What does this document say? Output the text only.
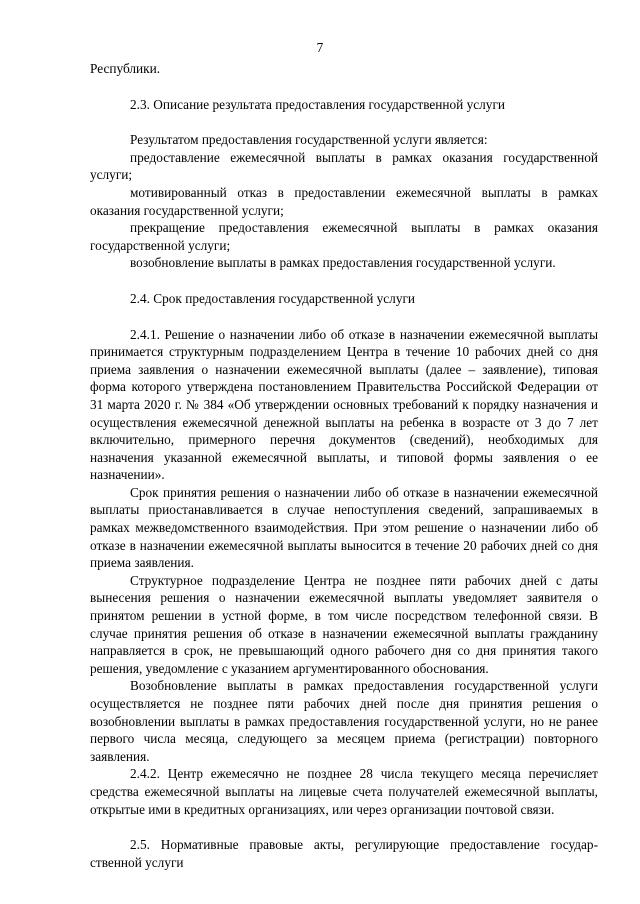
7

Республики.

2.3. Описание результата предоставления государственной услуги

Результатом предоставления государственной услуги является:

предоставление ежемесячной выплаты в рамках оказания государственной услуги;

мотивированный отказ в предоставлении ежемесячной выплаты в рамках оказания государственной услуги;

прекращение предоставления ежемесячной выплаты в рамках оказания государственной услуги;

возобновление выплаты в рамках предоставления государственной услуги.

2.4. Срок предоставления государственной услуги

2.4.1. Решение о назначении либо об отказе в назначении ежемесячной выплаты принимается структурным подразделением Центра в течение 10 рабочих дней со дня приема заявления о назначении ежемесячной выплаты (далее – заявление), типовая форма которого утверждена постановлением Правительства Российской Федерации от 31 марта 2020 г. № 384 «Об утверждении основных требований к порядку назначения и осуществления ежемесячной денежной выплаты на ребенка в возрасте от 3 до 7 лет включительно, примерного перечня документов (сведений), необходимых для назначения указанной ежемесячной выплаты, и типовой формы заявления о ее назначении».

Срок принятия решения о назначении либо об отказе в назначении ежемесячной выплаты приостанавливается в случае непоступления сведений, запрашиваемых в рамках межведомственного взаимодействия. При этом решение о назначении либо об отказе в назначении ежемесячной выплаты выносится в течение 20 рабочих дней со дня приема заявления.

Структурное подразделение Центра не позднее пяти рабочих дней с даты вынесения решения о назначении ежемесячной выплаты уведомляет заявителя о принятом решении в устной форме, в том числе посредством телефонной связи. В случае принятия решения об отказе в назначении ежемесячной выплаты гражданину направляется в срок, не превышающий одного рабочего дня со дня принятия такого решения, уведомление с указанием аргументированного обоснования.

Возобновление выплаты в рамках предоставления государственной услуги осуществляется не позднее пяти рабочих дней после дня принятия решения о возобновлении выплаты в рамках предоставления государственной услуги, но не ранее первого числа месяца, следующего за месяцем приема (регистрации) повторного заявления.

2.4.2. Центр ежемесячно не позднее 28 числа текущего месяца перечисляет средства ежемесячной выплаты на лицевые счета получателей ежемесячной выплаты, открытые ими в кредитных организациях, или через организации почтовой связи.

2.5. Нормативные правовые акты, регулирующие предоставление государственной услуги
